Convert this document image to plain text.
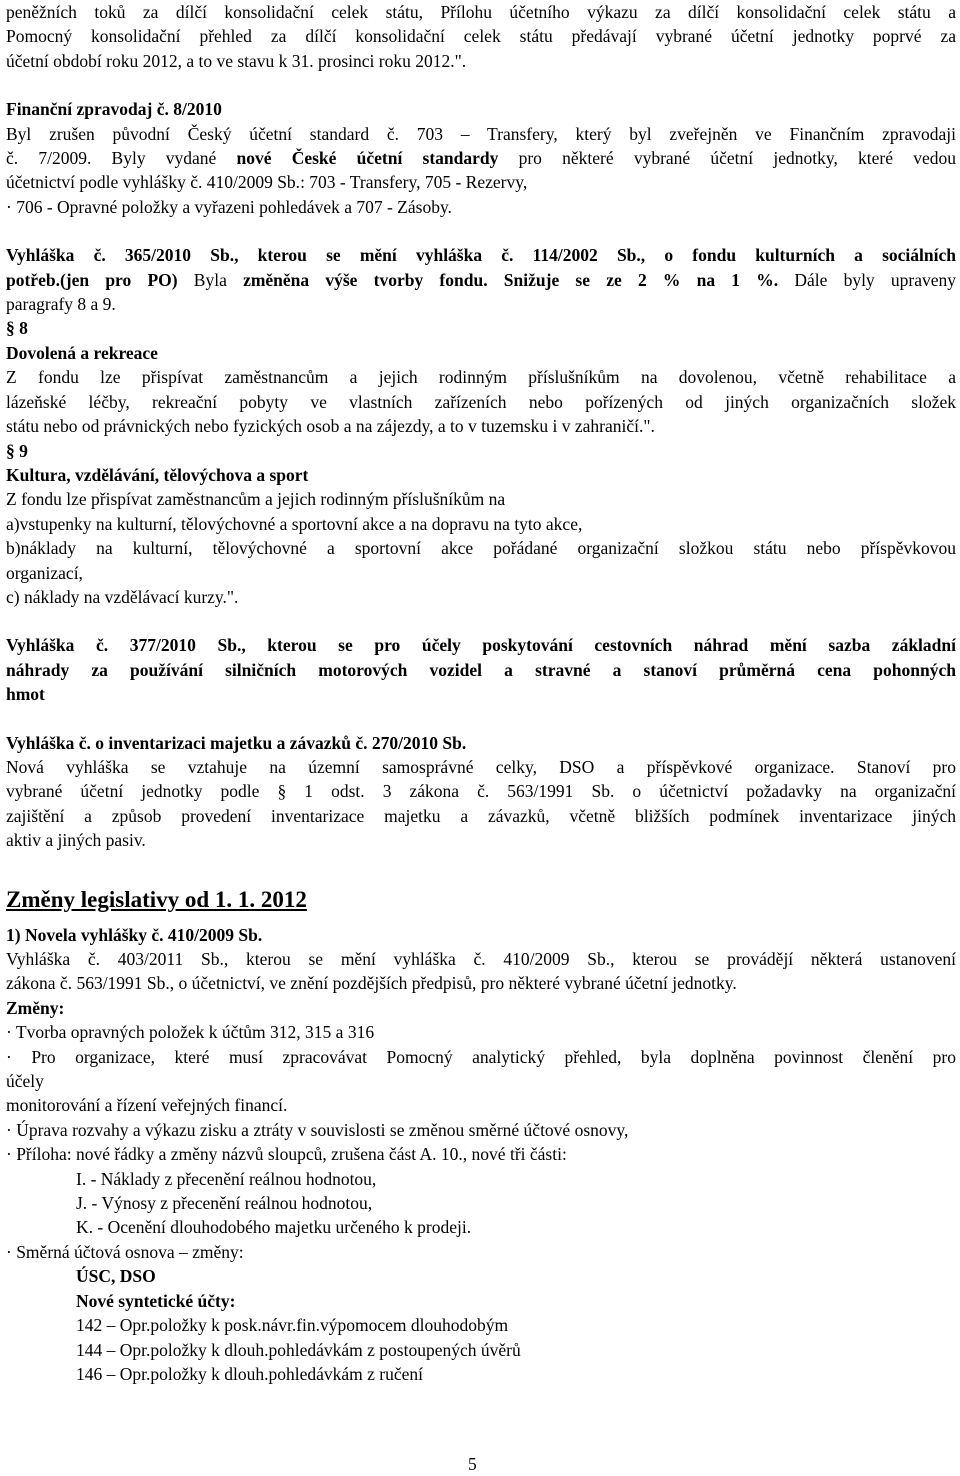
peněžních toků za dílčí konsolidační celek státu, Přílohu účetního výkazu za dílčí konsolidační celek státu a

Pomocný konsolidační přehled za dílčí konsolidační celek státu předávají vybrané účetní jednotky poprvé za

účetní období roku 2012, a to ve stavu k 31. prosinci roku 2012.".

Finanční zpravodaj č. 8/2010

Byl zrušen původní Český účetní standard č. 703 – Transfery, který byl zveřejněn ve Finančním zpravodaji

č. 7/2009. Byly vydané nové České účetní standardy pro některé vybrané účetní jednotky, které vedou

účetnictví podle vyhlášky č. 410/2009 Sb.: 703 - Transfery, 705 - Rezervy,

· 706 - Opravné položky a vyřazeni pohledávek a 707 - Zásoby.

Vyhláška č. 365/2010 Sb., kterou se mění vyhláška č. 114/2002 Sb., o fondu kulturních a sociálních

potřeb.(jen pro PO) Byla změněna výše tvorby fondu. Snižuje se ze 2 % na 1 %. Dále byly upraveny

paragrafy 8 a 9.

§ 8

Dovolená a rekreace

Z fondu lze přispívat zaměstnancům a jejich rodinným příslušníkům na dovolenou, včetně rehabilitace a

lázeňské léčby, rekreační pobyty ve vlastních zařízeních nebo pořízených od jiných organizačních složek

státu nebo od právnických nebo fyzických osob a na zájezdy, a to v tuzemsku i v zahraničí.".

§ 9

Kultura, vzdělávání, tělovýchova a sport

Z fondu lze přispívat zaměstnancům a jejich rodinným příslušníkům na

a)vstupenky na kulturní, tělovýchovné a sportovní akce a na dopravu na tyto akce,

b)náklady na kulturní, tělovýchovné a sportovní akce pořádané organizační složkou státu nebo příspěvkovou

organizací,

c) náklady na vzdělávací kurzy.".

Vyhláška č. 377/2010 Sb., kterou se pro účely poskytování cestovních náhrad mění sazba základní

náhrady za používání silničních motorových vozidel a stravné a stanoví průměrná cena pohonných

hmot

Vyhláška č. o inventarizaci majetku a závazků č. 270/2010 Sb.

Nová vyhláška se vztahuje na územní samosprávné celky, DSO a příspěvkové organizace. Stanoví pro

vybrané účetní jednotky podle § 1 odst. 3 zákona č. 563/1991 Sb. o účetnictví požadavky na organizační

zajištění a způsob provedení inventarizace majetku a závazků, včetně bližších podmínek inventarizace jiných

aktiv a jiných pasiv.

Změny legislativy od 1. 1. 2012

1) Novela vyhlášky č. 410/2009 Sb.

Vyhláška č. 403/2011 Sb., kterou se mění vyhláška č. 410/2009 Sb., kterou se provádějí některá ustanovení

zákona č. 563/1991 Sb., o účetnictví, ve znění pozdějších předpisů, pro některé vybrané účetní jednotky.

Změny:

· Tvorba opravných položek k účtům 312, 315 a 316

· Pro organizace, které musí zpracovávat Pomocný analytický přehled, byla doplněna povinnost členění pro

účely

monitorování a řízení veřejných financí.

· Úprava rozvahy a výkazu zisku a ztráty v souvislosti se změnou směrné účtové osnovy,

· Příloha: nové řádky a změny názvů sloupců, zrušena část A. 10., nové tři části:

I. - Náklady z přecenění reálnou hodnotou,

J. - Výnosy z přecenění reálnou hodnotou,

K. - Ocenění dlouhodobého majetku určeného k prodeji.

· Směrná účtová osnova – změny:

ÚSC, DSO

Nové syntetické účty:

142 – Opr.položky k posk.návr.fin.výpomocem dlouhodobým

144 – Opr.položky k dlouh.pohledávkám z postoupených úvěrů

146 – Opr.položky k dlouh.pohledávkám z ručení

5
